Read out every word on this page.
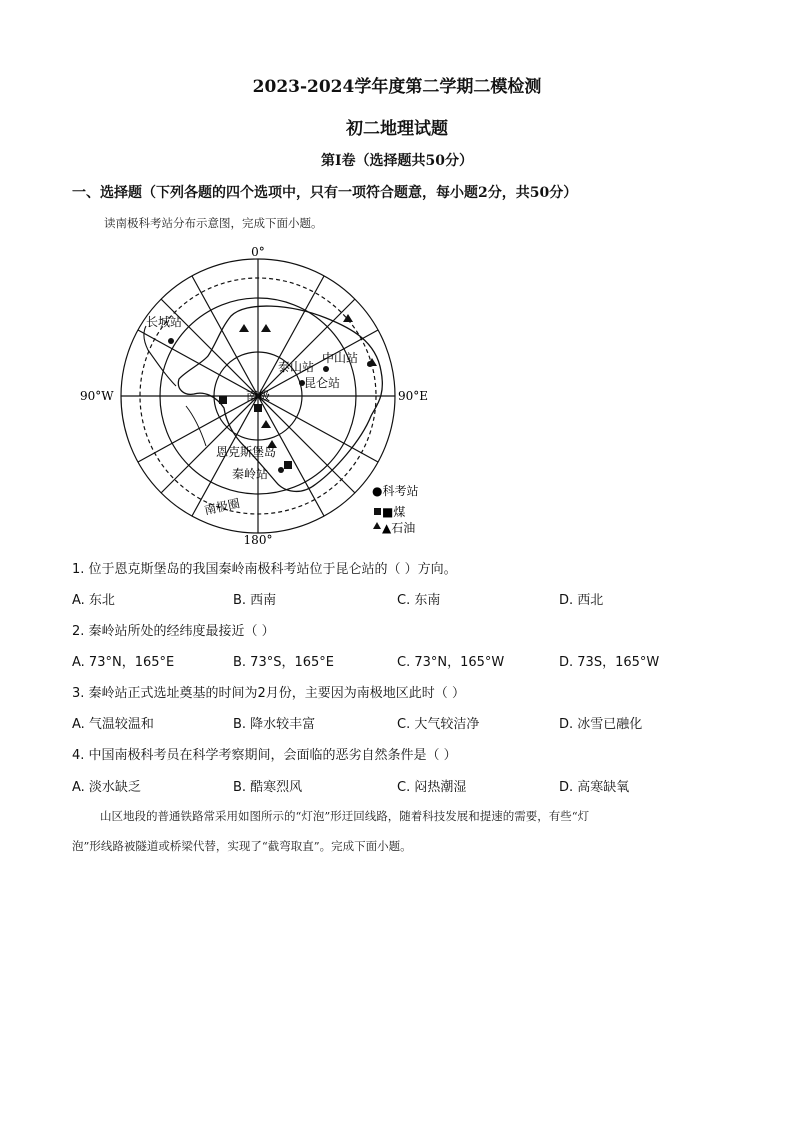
2023-2024学年度第二学期二模检测
初二地理试题
第Ⅰ卷（选择题共50分）
一、选择题（下列各题的四个选项中，只有一项符合题意，每小题2分，共50分）
读南极科考站分布示意图，完成下面小题。
0°
180°
90°W	90°E
南极
南极圈
长城站
中山站
泰山站
昆仑站
恩克斯堡岛
秦岭站
●科考站
■煤
▲石油
1. 位于恩克斯堡岛的我国秦岭南极科考站位于昆仑站的（ ）方向。
A. 东北	B. 西南	C. 东南	D. 西北
2. 秦岭站所处的经纬度最接近（ ）
A. 73°N，165°E	B. 73°S，165°E	C. 73°N，165°W	D. 73S，165°W
3. 秦岭站正式选址奠基的时间为2月份，主要因为南极地区此时（ ）
A. 气温较温和	B. 降水较丰富	C. 大气较洁净	D. 冰雪已融化
4. 中国南极科考员在科学考察期间，会面临的恶劣自然条件是（ ）
A. 淡水缺乏	B. 酷寒烈风	C. 闷热潮湿	D. 高寒缺氧
山区地段的普通铁路常采用如图所示的“灯泡”形迂回线路，随着科技发展和提速的需要，有些“灯
泡”形线路被隧道或桥梁代替，实现了“截弯取直”。完成下面小题。
